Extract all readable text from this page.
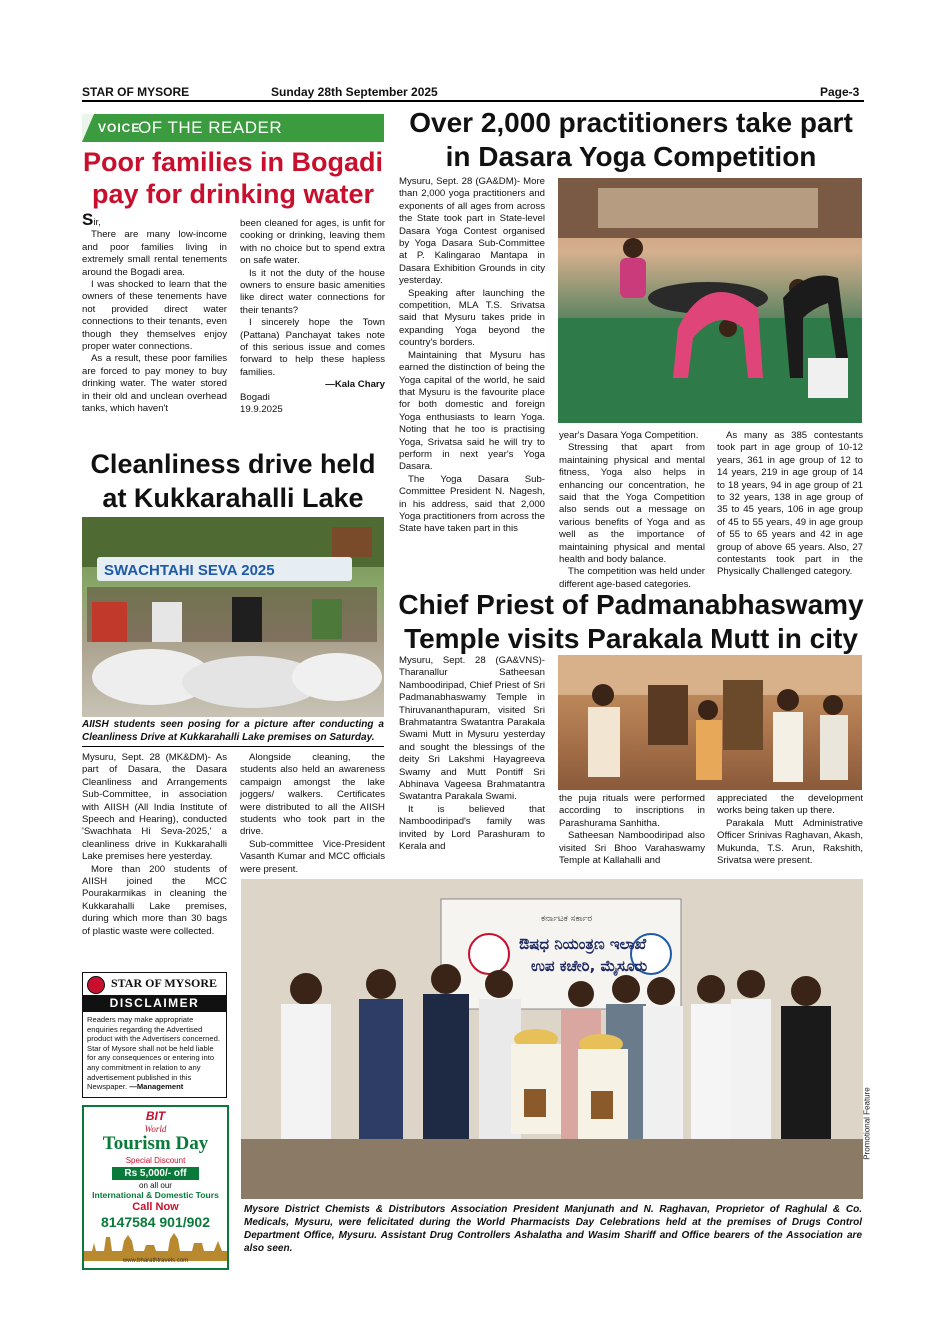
STAR OF MYSORE	Sunday 28th September 2025	Page-3
VOICE
OF THE READER
Poor families in Bogadi pay for drinking water

Sir,

There are many low-income and poor families living in extremely small rental tenements around the Bogadi area.

I was shocked to learn that the owners of these tenements have not provided direct water connections to their tenants, even though they themselves enjoy proper water connections.

As a result, these poor families are forced to pay money to buy drinking water. The water stored in their old and unclean overhead tanks, which haven't

been cleaned for ages, is unfit for cooking or drinking, leaving them with no choice but to spend extra on safe water.

Is it not the duty of the house owners to ensure basic amenities like direct water connections for their tenants?

I sincerely hope the Town (Pattana) Panchayat takes note of this serious issue and comes forward to help these hapless families.

—Kala Chary

Bogadi

19.9.2025

Over 2,000 practitioners take part in Dasara Yoga Competition

Mysuru, Sept. 28 (GA&DM)- More than 2,000 yoga practitioners and exponents of all ages from across the State took part in State-level Dasara Yoga Contest organised by Yoga Dasara Sub-Committee at P. Kalingarao Mantapa in Dasara Exhibition Grounds in city yesterday.

Speaking after launching the competition, MLA T.S. Srivatsa said that Mysuru takes pride in expanding Yoga beyond the country's borders.

Maintaining that Mysuru has earned the distinction of being the Yoga capital of the world, he said that Mysuru is the favourite place for both domestic and foreign Yoga enthusiasts to learn Yoga. Noting that he too is practising Yoga, Srivatsa said he will try to perform in next year's Yoga Dasara.

The Yoga Dasara Sub-Committee President N. Nagesh, in his address, said that 2,000 Yoga practitioners from across the State have taken part in this

year's Dasara Yoga Competition.

Stressing that apart from maintaining physical and mental fitness, Yoga also helps in enhancing our concentration, he said that the Yoga Competition also sends out a message on various benefits of Yoga and as well as the importance of maintaining physical and mental health and body balance.

The competition was held under different age-based categories.

As many as 385 contestants took part in age group of 10-12 years, 361 in age group of 12 to 14 years, 219 in age group of 14 to 18 years, 94 in age group of 21 to 32 years, 138 in age group of 35 to 45 years, 106 in age group of 45 to 55 years, 49 in age group of 55 to 65 years and 42 in age group of above 65 years. Also, 27 contestants took part in the Physically Challenged category.

Cleanliness drive held at Kukkarahalli Lake
SWACHTAHI SEVA 2025
AIISH students seen posing for a picture after conducting a Cleanliness Drive at Kukkarahalli Lake premises on Saturday.

Mysuru, Sept. 28 (MK&DM)- As part of Dasara, the Dasara Cleanliness and Arrangements Sub-Committee, in association with AIISH (All India Institute of Speech and Hearing), conducted 'Swachhata Hi Seva-2025,' a cleanliness drive in Kukkarahalli Lake premises here yesterday.

More than 200 students of AIISH joined the MCC Pourakarmikas in cleaning the Kukkarahalli Lake premises, during which more than 30 bags of plastic waste were collected.

Alongside cleaning, the students also held an awareness campaign amongst the lake joggers/ walkers. Certificates were distributed to all the AIISH students who took part in the drive.

Sub-committee Vice-President Vasanth Kumar and MCC officials were present.

Chief Priest of Padmanabhaswamy Temple visits Parakala Mutt in city

Mysuru, Sept. 28 (GA&VNS)- Tharanallur Satheesan Namboodiripad, Chief Priest of Sri Padmanabhaswamy Temple in Thiruvananthapuram, visited Sri Brahmatantra Swatantra Parakala Swami Mutt in Mysuru yesterday and sought the blessings of the deity Sri Lakshmi Hayagreeva Swamy and Mutt Pontiff Sri Abhinava Vageesa Brahmatantra Swatantra Parakala Swami.

It is believed that Namboodiripad's family was invited by Lord Parashuram to Kerala and

the puja rituals were performed according to inscriptions in Parashurama Sanhitha.

Satheesan Namboodiripad also visited Sri Bhoo Varahaswamy Temple at Kallahalli and

appreciated the development works being taken up there.

Parakala Mutt Administrative Officer Srinivas Raghavan, Akash, Mukunda, T.S. Arun, Rakshith, Srivatsa were present.

STAR OF MYSORE
DISCLAIMER
Readers may make appropriate enquiries regarding the Advertised product with the Advertisers concerned. Star of Mysore shall not be held liable for any consequences or entering into any commitment in relation to any advertisement published in this Newspaper. —Management
BIT
World
Tourism Day
Special Discount
Rs 5,000/- off
on all our
International & Domestic Tours
Call Now
8147584 901/902
www.bharathtravels.com
ಕರ್ನಾಟಕ ಸರ್ಕಾರ
ಔಷಧ ನಿಯಂತ್ರಣ ಇಲಾಖೆ
ಉಪ ಕಚೇರಿ, ಮೈಸೂರು
Promotional Feature
Mysore District Chemists & Distributors Association President Manjunath and N. Raghavan, Proprietor of Raghulal & Co. Medicals, Mysuru, were felicitated during the World Pharmacists Day Celebrations held at the premises of Drugs Control Department Office, Mysuru. Assistant Drug Controllers Ashalatha and Wasim Shariff and Office bearers of the Association are also seen.
